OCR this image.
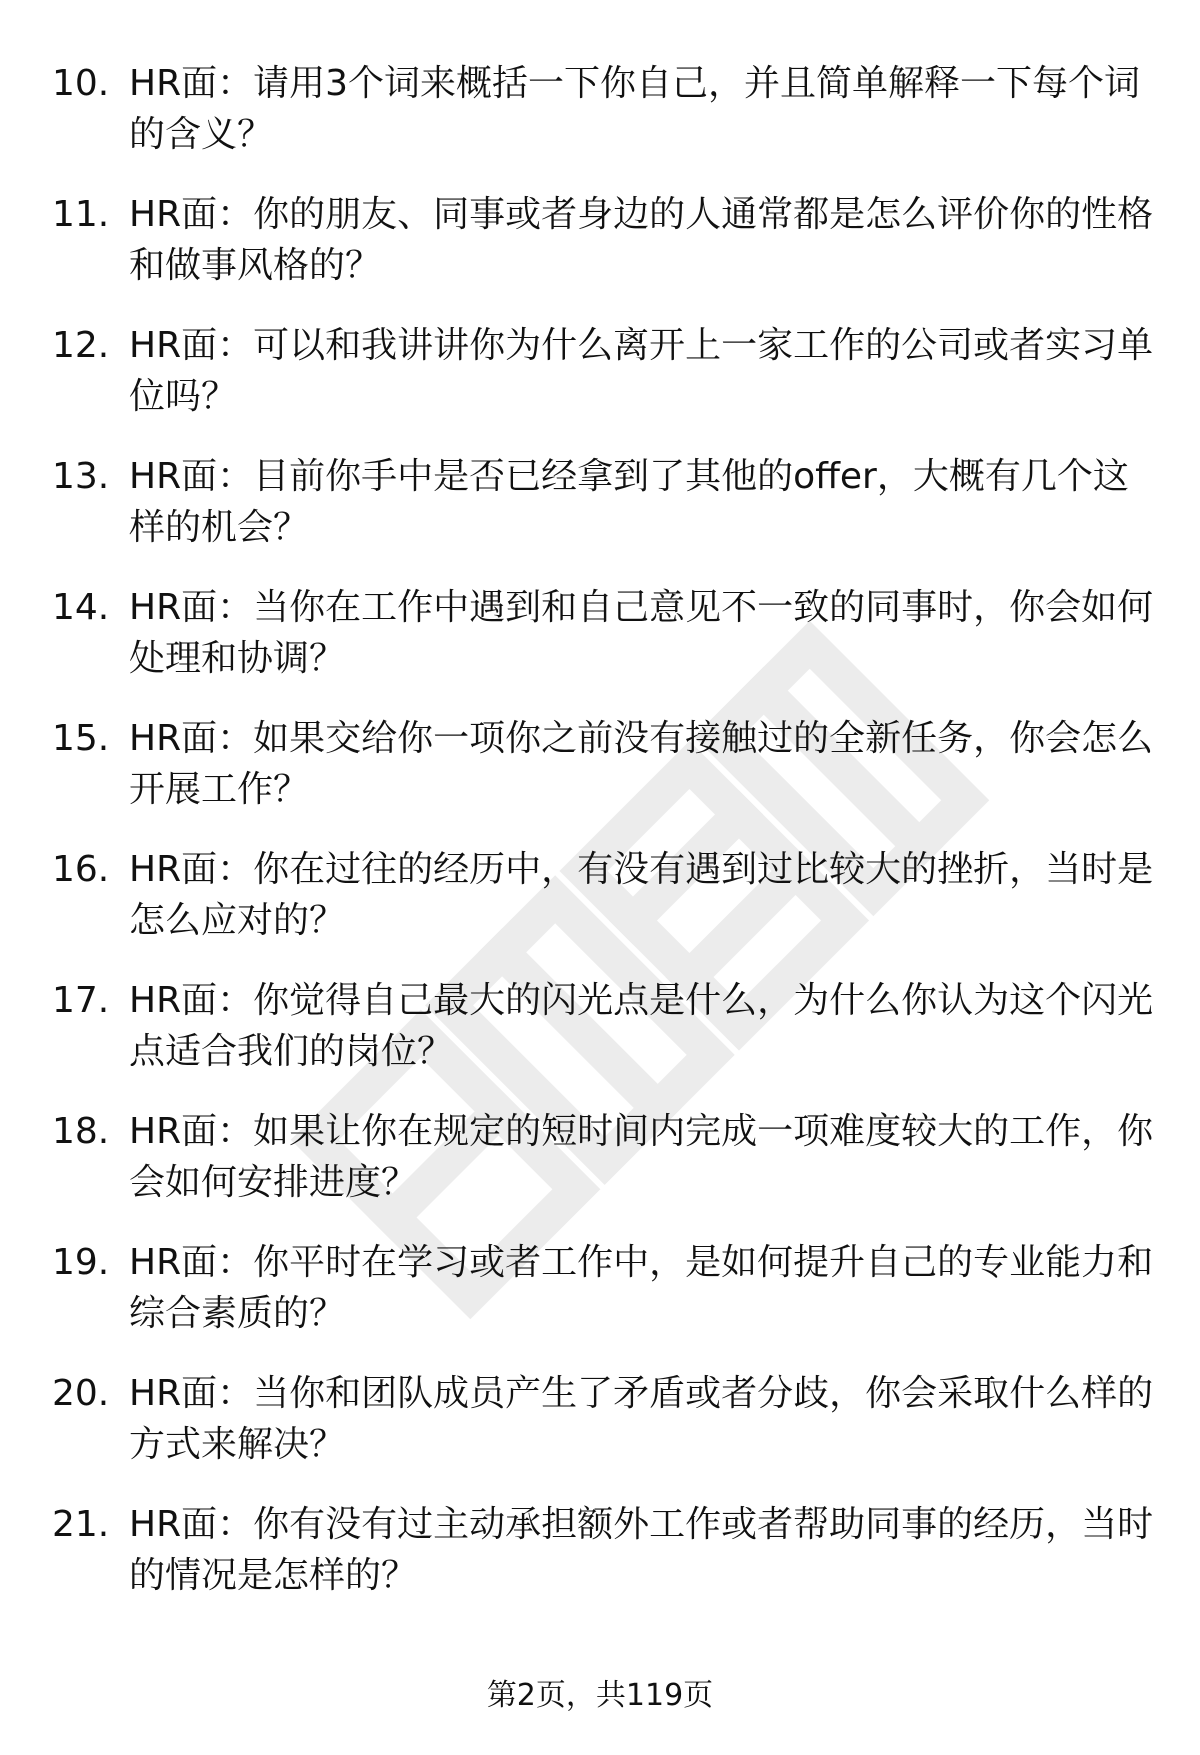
10. HR面：请用3个词来概括一下你自己，并且简单解释一下每个词的含义？
11. HR面：你的朋友、同事或者身边的人通常都是怎么评价你的性格和做事风格的？
12. HR面：可以和我讲讲你为什么离开上一家工作的公司或者实习单位吗？
13. HR面：目前你手中是否已经拿到了其他的offer，大概有几个这样的机会？
14. HR面：当你在工作中遇到和自己意见不一致的同事时，你会如何处理和协调？
15. HR面：如果交给你一项你之前没有接触过的全新任务，你会怎么开展工作？
16. HR面：你在过往的经历中，有没有遇到过比较大的挫折，当时是怎么应对的？
17. HR面：你觉得自己最大的闪光点是什么，为什么你认为这个闪光点适合我们的岗位？
18. HR面：如果让你在规定的短时间内完成一项难度较大的工作，你会如何安排进度？
19. HR面：你平时在学习或者工作中，是如何提升自己的专业能力和综合素质的？
20. HR面：当你和团队成员产生了矛盾或者分歧，你会采取什么样的方式来解决？
21. HR面：你有没有过主动承担额外工作或者帮助同事的经历，当时的情况是怎样的？
第2页，共119页
